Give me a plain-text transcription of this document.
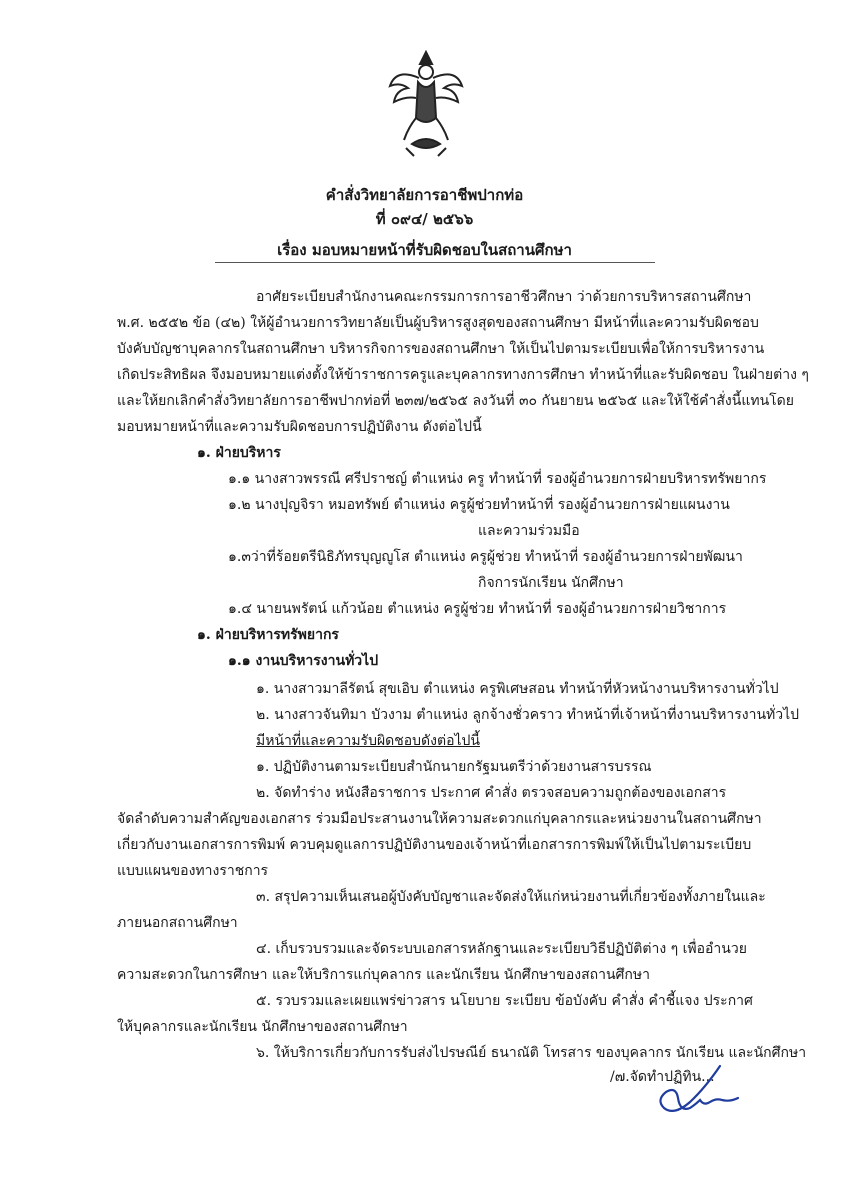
คำสั่งวิทยาลัยการอาชีพปากท่อ
ที่ ๐๙๔/ ๒๕๖๖
เรื่อง มอบหมายหน้าที่รับผิดชอบในสถานศึกษา
อาศัยระเบียบสำนักงานคณะกรรมการการอาชีวศึกษา ว่าด้วยการบริหารสถานศึกษา
พ.ศ. ๒๕๕๒ ข้อ (๔๒) ให้ผู้อำนวยการวิทยาลัยเป็นผู้บริหารสูงสุดของสถานศึกษา มีหน้าที่และความรับผิดชอบ
บังคับบัญชาบุคลากรในสถานศึกษา บริหารกิจการของสถานศึกษา ให้เป็นไปตามระเบียบเพื่อให้การบริหารงาน
เกิดประสิทธิผล จึงมอบหมายแต่งตั้งให้ข้าราชการครูและบุคลากรทางการศึกษา ทำหน้าที่และรับผิดชอบ ในฝ่ายต่าง ๆ
และให้ยกเลิกคำสั่งวิทยาลัยการอาชีพปากท่อที่ ๒๓๗/๒๕๖๕ ลงวันที่ ๓๐ กันยายน ๒๕๖๕ และให้ใช้คำสั่งนี้แทนโดย
มอบหมายหน้าที่และความรับผิดชอบการปฏิบัติงาน ดังต่อไปนี้
๑. ฝ่ายบริหาร
๑.๑ นางสาวพรรณี ศรีปราชญ์ ตำแหน่ง ครู ทำหน้าที่ รองผู้อำนวยการฝ่ายบริหารทรัพยากร
๑.๒ นางปุญจิรา หมอทรัพย์ ตำแหน่ง ครูผู้ช่วยทำหน้าที่ รองผู้อำนวยการฝ่ายแผนงาน
และความร่วมมือ
๑.๓ว่าที่ร้อยตรีนิธิภัทรบุญญูโส ตำแหน่ง ครูผู้ช่วย ทำหน้าที่ รองผู้อำนวยการฝ่ายพัฒนา
กิจการนักเรียน นักศึกษา
๑.๔ นายนพรัตน์ แก้วน้อย ตำแหน่ง ครูผู้ช่วย ทำหน้าที่ รองผู้อำนวยการฝ่ายวิชาการ
๑. ฝ่ายบริหารทรัพยากร
๑.๑ งานบริหารงานทั่วไป
๑. นางสาวมาลีรัตน์ สุขเอิบ ตำแหน่ง ครูพิเศษสอน ทำหน้าที่หัวหน้างานบริหารงานทั่วไป
๒. นางสาวจันทิมา บัวงาม ตำแหน่ง ลูกจ้างชั่วคราว ทำหน้าที่เจ้าหน้าที่งานบริหารงานทั่วไป
มีหน้าที่และความรับผิดชอบดังต่อไปนี้
๑. ปฏิบัติงานตามระเบียบสำนักนายกรัฐมนตรีว่าด้วยงานสารบรรณ
๒. จัดทำร่าง หนังสือราชการ ประกาศ คำสั่ง ตรวจสอบความถูกต้องของเอกสาร
จัดลำดับความสำคัญของเอกสาร ร่วมมือประสานงานให้ความสะดวกแก่บุคลากรและหน่วยงานในสถานศึกษา
เกี่ยวกับงานเอกสารการพิมพ์ ควบคุมดูแลการปฏิบัติงานของเจ้าหน้าที่เอกสารการพิมพ์ให้เป็นไปตามระเบียบ
แบบแผนของทางราชการ
๓. สรุปความเห็นเสนอผู้บังคับบัญชาและจัดส่งให้แก่หน่วยงานที่เกี่ยวข้องทั้งภายในและ
ภายนอกสถานศึกษา
๔. เก็บรวบรวมและจัดระบบเอกสารหลักฐานและระเบียบวิธีปฏิบัติต่าง ๆ เพื่ออำนวย
ความสะดวกในการศึกษา และให้บริการแก่บุคลากร และนักเรียน นักศึกษาของสถานศึกษา
๕. รวบรวมและเผยแพร่ข่าวสาร นโยบาย ระเบียบ ข้อบังคับ คำสั่ง คำชี้แจง ประกาศ
ให้บุคลากรและนักเรียน นักศึกษาของสถานศึกษา
๖. ให้บริการเกี่ยวกับการรับส่งไปรษณีย์ ธนาณัติ โทรสาร ของบุคลากร นักเรียน และนักศึกษา
/๗.จัดทำปฏิทิน...
